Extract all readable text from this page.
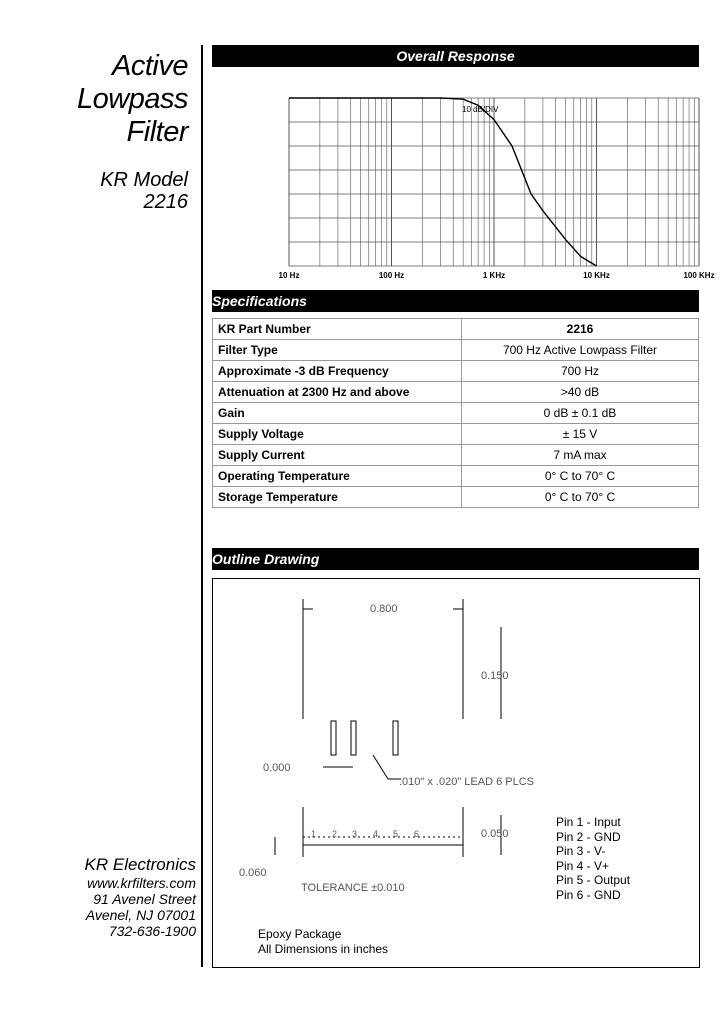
Active
Lowpass
Filter
KR Model
2216
KR Electronics
www.krfilters.com
91 Avenel Street
Avenel, NJ 07001
732-636-1900
Overall Response
10 dB/DIV
10 Hz	100 Hz	1 KHz	10 KHz	100 KHz
Specifications
KR Part Number	2216
Filter Type	700 Hz Active Lowpass Filter
Approximate -3 dB Frequency	700 Hz
Attenuation at 2300 Hz and above	>40 dB
Gain	0 dB ± 0.1 dB
Supply Voltage	± 15 V
Supply Current	7 mA max
Operating Temperature	0° C to 70° C
Storage Temperature	0° C to 70° C
Outline Drawing
0.800
0.150
0.000
.010" x .020" LEAD 6 PLCS
0.050
0.060
TOLERANCE ±0.010
1 2 3 4 5 6
Pin 1 - Input
Pin 2 - GND
Pin 3 - V-
Pin 4 - V+
Pin 5 - Output
Pin 6 - GND
Epoxy Package
All Dimensions in inches
